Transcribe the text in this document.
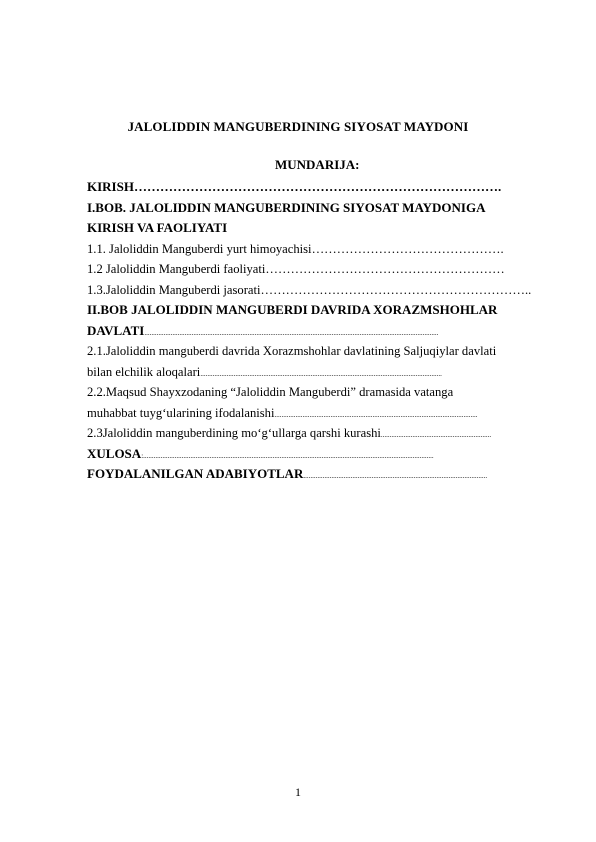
JALOLIDDIN MANGUBERDINING SIYOSAT MAYDONI
MUNDARIJA:
KIRISH………………………………………………………………………….
I.BOB. JALOLIDDIN MANGUBERDINING SIYOSAT MAYDONIGA
KIRISH VA FAOLIYATI
1.1. Jaloliddin Manguberdi yurt himoyachisi……………………………………….
1.2 Jaloliddin Manguberdi faoliyati…………………………………………………
1.3.Jaloliddin Manguberdi jasorati………………………………………………………..
II.BOB JALOLIDDIN MANGUBERDI DAVRIDA XORAZMSHOHLAR
DAVLATI........................................................................................................................................................................
2.1.Jaloliddin manguberdi davrida Xorazmshohlar davlatining Saljuqiylar davlati
bilan elchilik aloqalari..........................................................................................................................................
2.2.Maqsud Shayxzodaning “Jaloliddin Manguberdi” dramasida vatanga
muhabbat tuyg‘ularining ifodalanishi....................................................................................................................
2.3Jaloliddin manguberdining mo‘g‘ullarga qarshi kurashi...............................................................
XULOSA:......................................................................................................................................................................
FOYDALANILGAN ADABIYOTLAR.........................................................................................................
1
